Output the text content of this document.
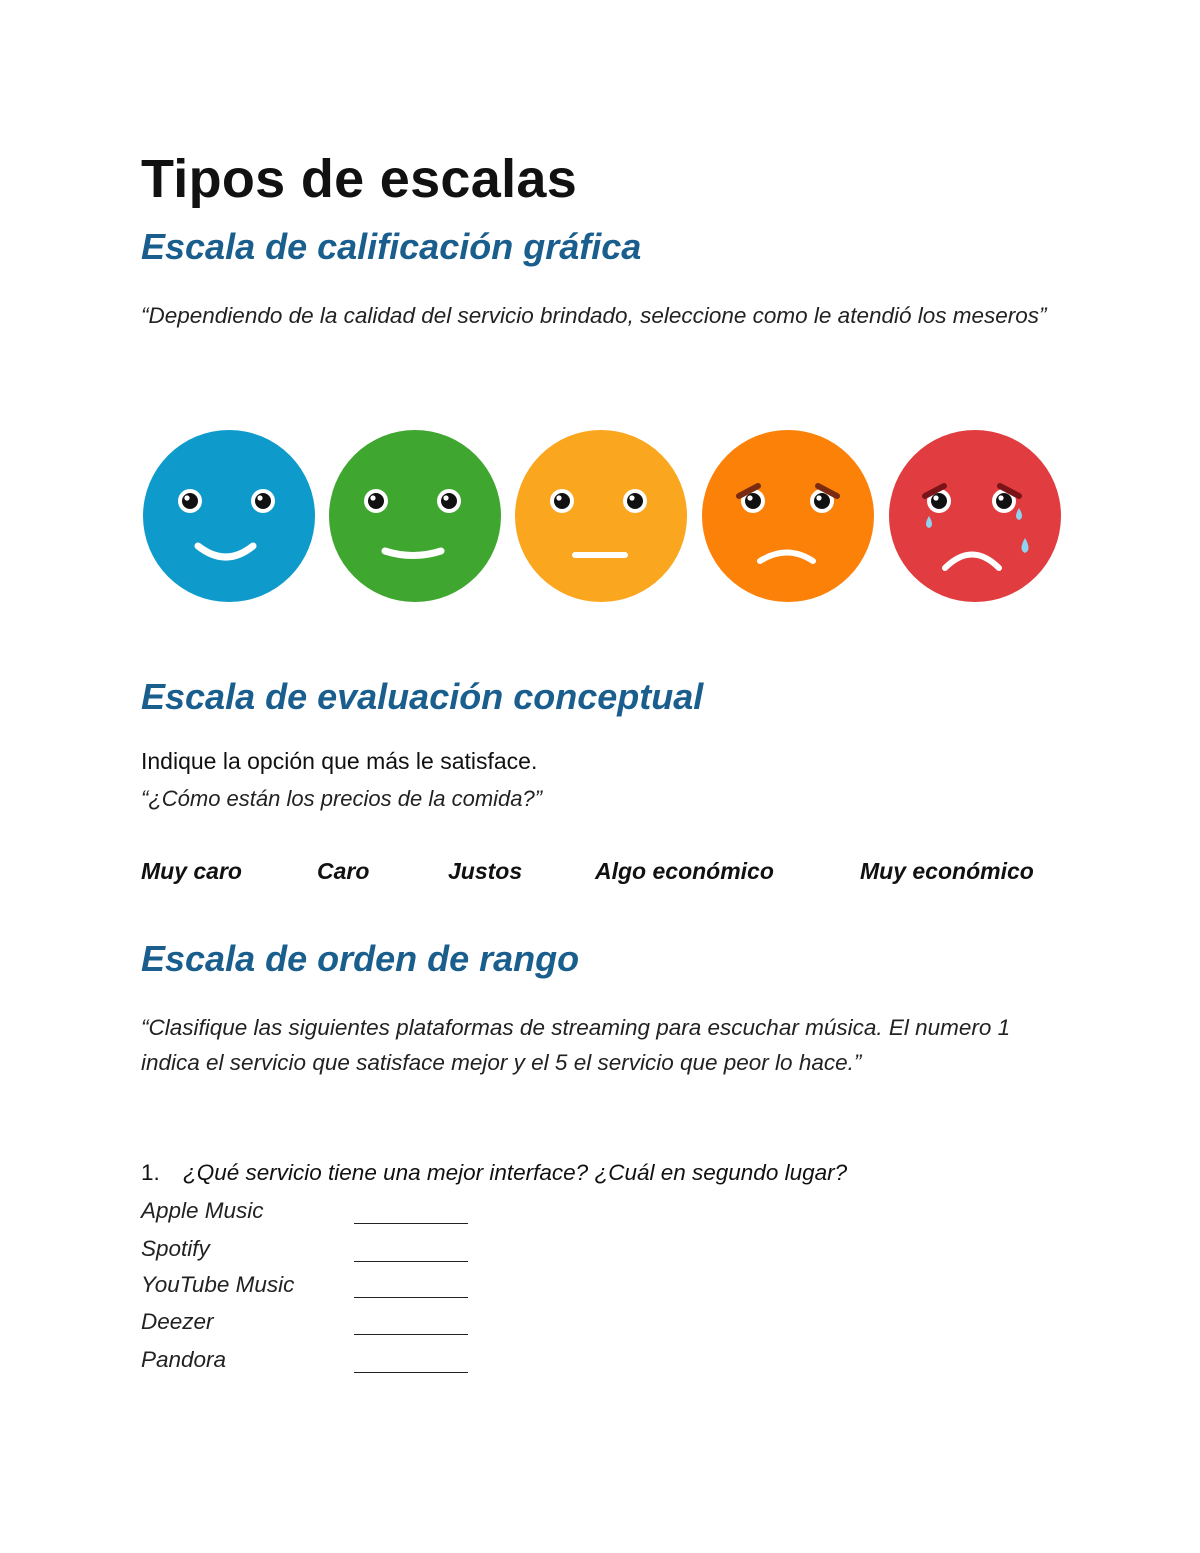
Tipos de escalas
Escala de calificación gráfica

“Dependiendo de la calidad del servicio brindado, seleccione como le atendió los meseros”

Escala de evaluación conceptual

Indique la opción que más le satisface.

“¿Cómo están los precios de la comida?”

Muy caro	Caro	Justos	Algo económico	Muy económico
Escala de orden de rango

“Clasifique las siguientes plataformas de streaming para escuchar música. El numero 1 indica el servicio que satisface mejor y el 5 el servicio que peor lo hace.”

1. ¿Qué servicio tiene una mejor interface? ¿Cuál en segundo lugar?

Apple Music
Spotify
YouTube Music
Deezer
Pandora
